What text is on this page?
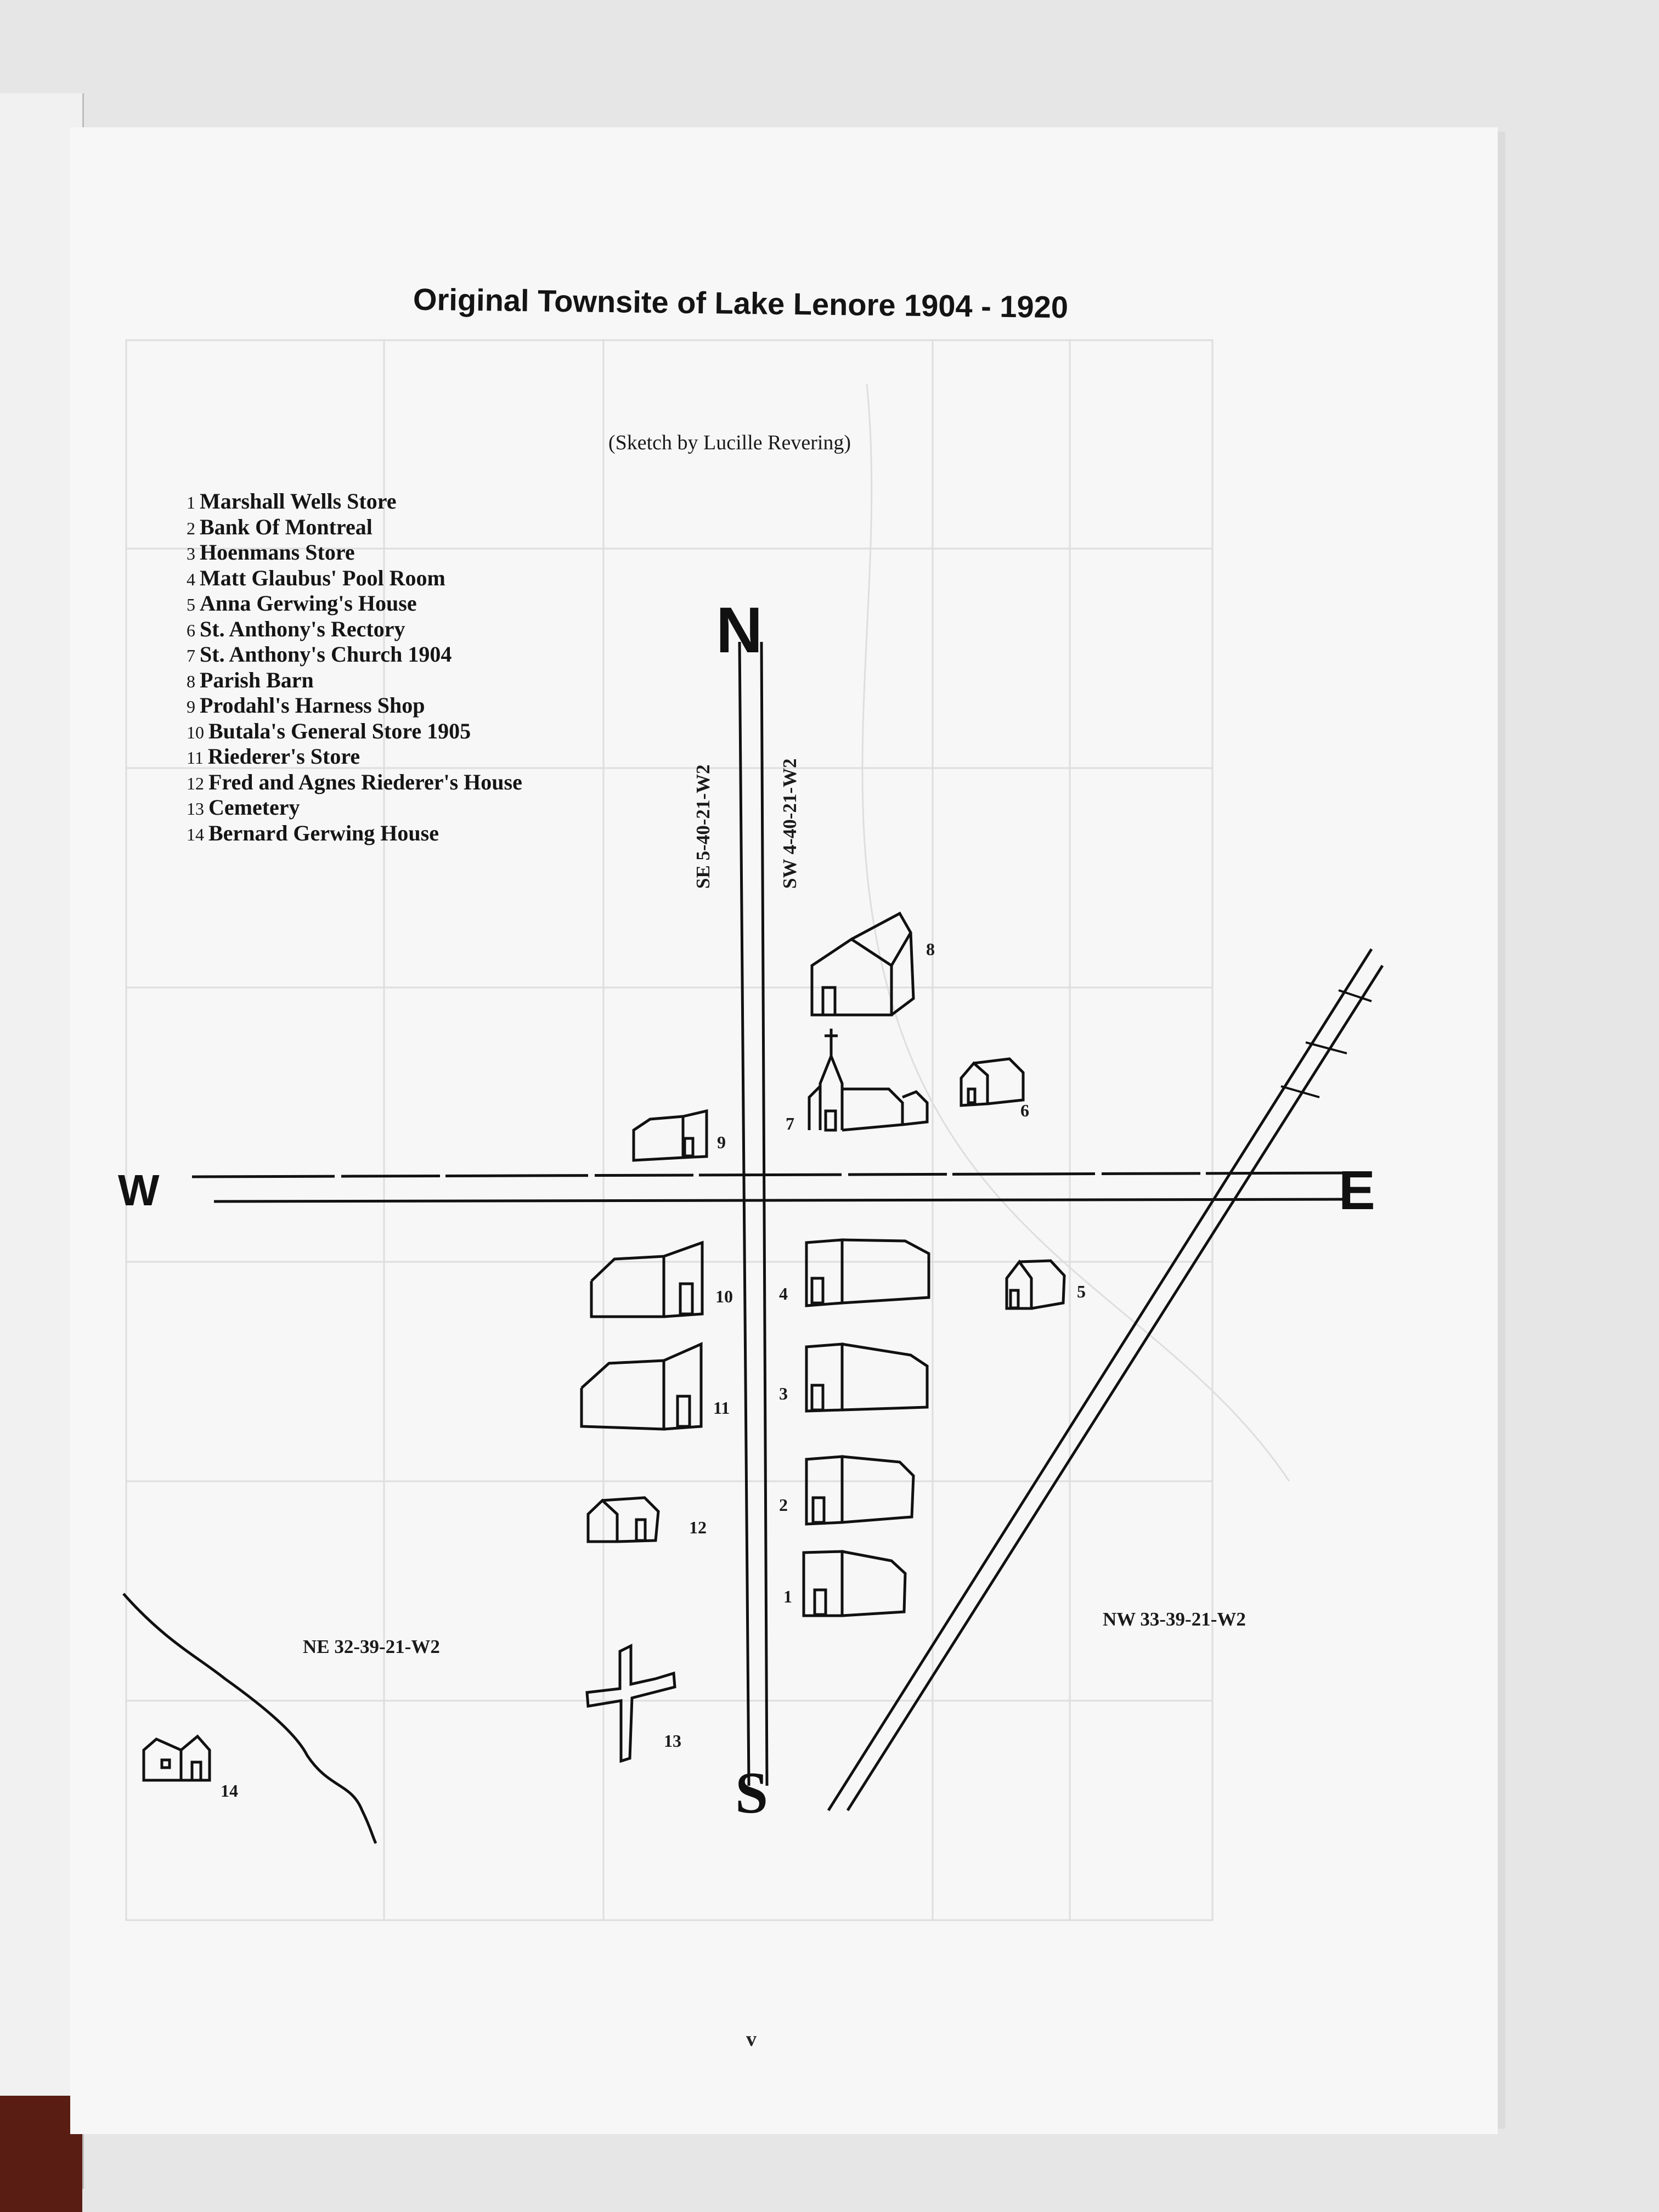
Original Townsite of Lake Lenore 1904 - 1920
(Sketch by Lucille Revering)
1 Marshall Wells Store
2 Bank Of Montreal
3 Hoenmans Store
4 Matt Glaubus' Pool Room
5 Anna Gerwing's House
6 St. Anthony's Rectory
7 St. Anthony's Church 1904
8 Parish Barn
9 Prodahl's Harness Shop
10 Butala's General Store 1905
11 Riederer's Store
12 Fred and Agnes Riederer's House
13 Cemetery
14 Bernard Gerwing House
N
S
E
W
SE 5-40-21-W2	SW 4-40-21-W2
NE 32-39-21-W2
NW 33-39-21-W2
1
2
3
4	5
6
7
8
9
10
11
12
13
14
v
